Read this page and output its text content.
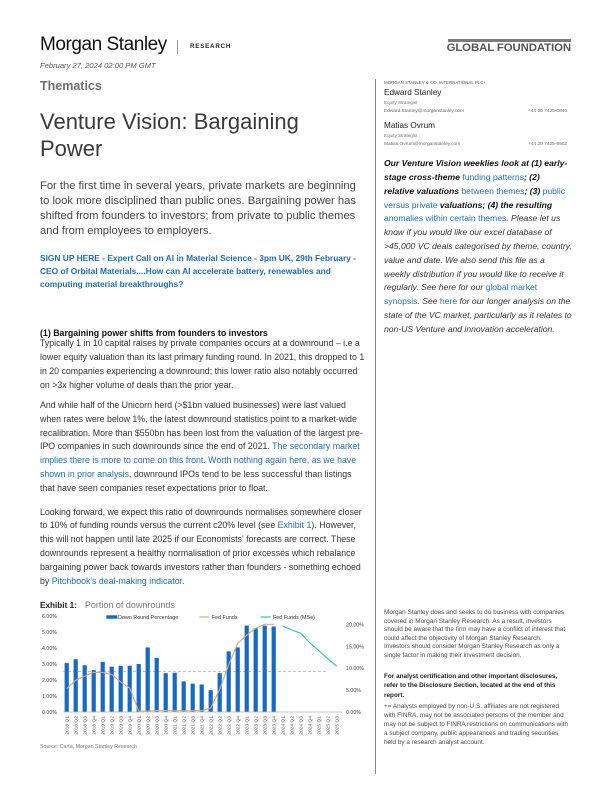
Morgan Stanley	RESEARCH	GLOBAL FOUNDATION
February 27, 2024 02:00 PM GMT
Thematics
Venture Vision: Bargaining Power

For the first time in several years, private markets are beginning to look more disciplined than public ones. Bargaining power has shifted from founders to investors; from private to public themes and from employees to employers.

SIGN UP HERE - Expert Call on AI in Material Science - 3pm UK, 29th February - CEO of Orbital Materials....How can AI accelerate battery, renewables and computing material breakthroughs?
(1) Bargaining power shifts from founders to investors

Typically 1 in 10 capital raises by private companies occurs at a downround – i.e a lower equity valuation than its last primary funding round. In 2021, this dropped to 1 in 20 companies experiencing a downround; this lower ratio also notably occurred on >3x higher volume of deals than the prior year.

And while half of the Unicorn herd (>$1bn valued businesses) were last valued when rates were below 1%, the latest downround statistics point to a market-wide recalibration. More than $550bn has been lost from the valuation of the largest pre-IPO companies in such downrounds since the end of 2021. The secondary market implies there is more to come on this front. Worth nothing again here, as we have shown in prior analysis, downround IPOs tend to be less successful than listings that have seen companies reset expectations prior to float.

Looking forward, we expect this ratio of downrounds normalises somewhere closer to 10% of funding rounds versus the current c20% level (see Exhibit 1). However, this will not happen until late 2025 if our Economists' forecasts are correct. These downrounds represent a healthy normalisation of prior excesses which rebalance bargaining power back towards investors rather than founders - something echoed by Pitchbook's deal-making indicator.

Exhibit 1: Portion of downrounds
0.00%
1.00%
2.00%
3.00%
4.00%
5.00%
6.00%
0.00%
5.00%
10.00%
15.00%
20.00%
2018 Q1 2018 Q2 2018 Q3 2018 Q4 2019 Q1 2019 Q2 2019 Q3 2019 Q4 2020 Q1 2020 Q2 2020 Q3 2020 Q4 2021 Q1 2021 Q2 2021 Q3 2021 Q4 2022 Q1 2022 Q2 2022 Q3 2022 Q4 2023 Q1 2023 Q2 2023 Q3 2023 Q4 2024 Q1 2024 Q2 2024 Q3 2024 Q4 2025 Q1 2025 Q2 2025 Q3
Down Round Percentage	Fed Funds	Fed Funds (MSe)
Source: Carta, Morgan Stanley Research
MORGAN STANLEY & CO. INTERNATIONAL PLC+
Edward Stanley
Equity Strategist
Edward.Stanley@morganstanley.com	+44 20 7425-0840
Matias Ovrum
Equity Strategist
Matias.Ovrum@morganstanley.com	+44 20 7425-9902

Our Venture Vision weeklies look at (1) early-stage cross-theme funding patterns; (2) relative valuations between themes; (3) public versus private valuations; (4) the resulting anomalies within certain themes. Please let us know if you would like our excel database of >45,000 VC deals categorised by theme, country, value and date. We also send this file as a weekly distribution if you would like to receive it regularly. See here for our global market synopsis. See here for our longer analysis on the state of the VC market, particularly as it relates to non-US Venture and innovation acceleration.

Morgan Stanley does and seeks to do business with companies covered in Morgan Stanley Research. As a result, investors should be aware that the firm may have a conflict of interest that could affect the objectivity of Morgan Stanley Research. Investors should consider Morgan Stanley Research as only a single factor in making their investment decision.

For analyst certification and other important disclosures, refer to the Disclosure Section, located at the end of this report.

+= Analysts employed by non-U.S. affiliates are not registered with FINRA, may not be associated persons of the member and may not be subject to FINRA restrictions on communications with a subject company, public appearances and trading securities held by a research analyst account.
